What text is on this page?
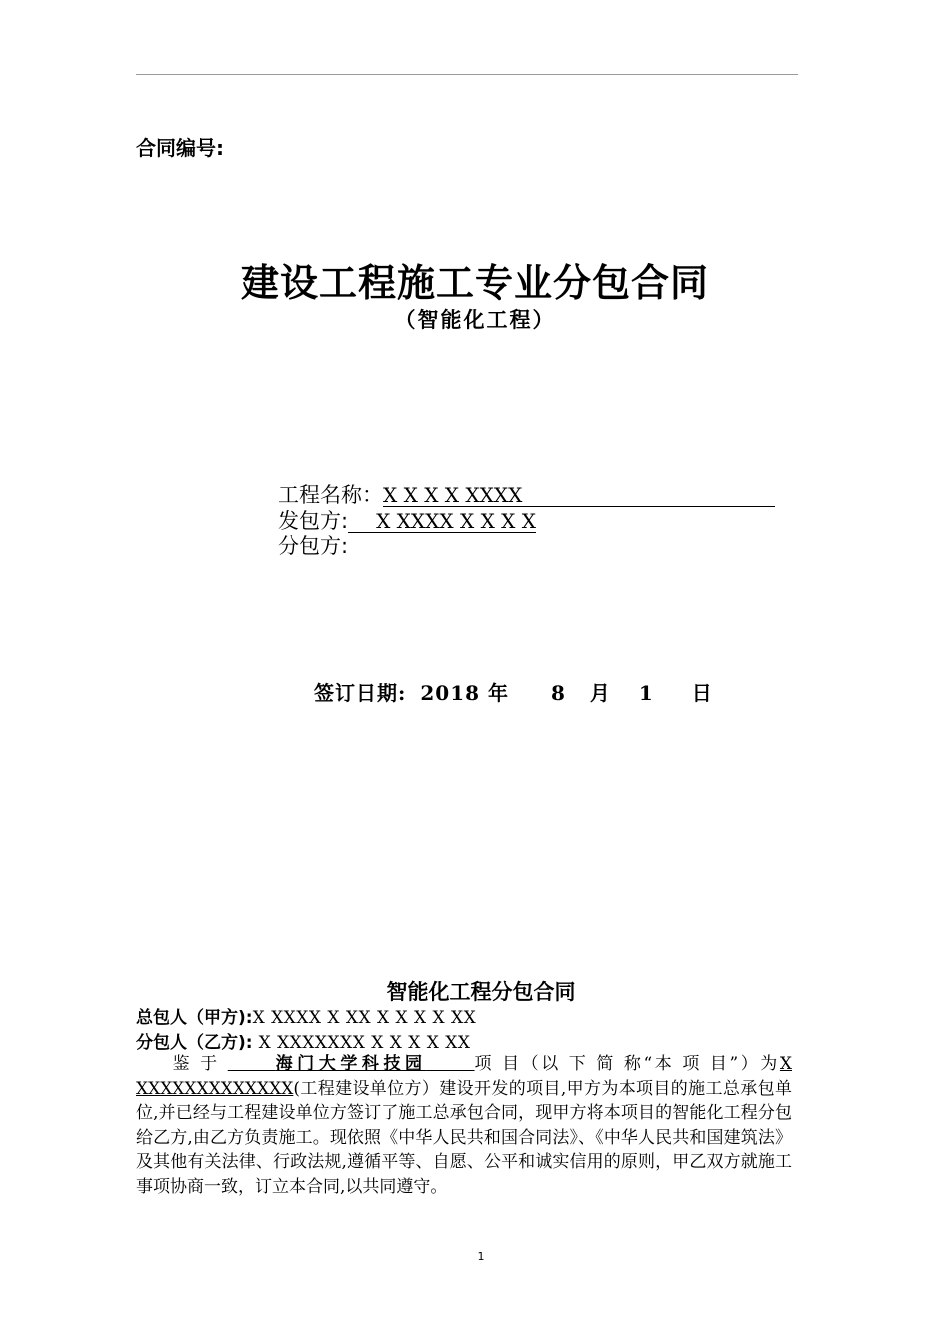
合同编号:
建设工程施工专业分包合同
（智能化工程）
工程名称：X X X X XXXX
发包方: X XXXX X X X X
分包方:
签订日期: 2018 年 8 月 1 日
智能化工程分包合同
总包人（甲方):X XXXX X XX X X X X XX
分包人（乙方): X XXXXXXX X X X X XX
鉴 于	海门大学科技园	项 目（以 下 简 称“本 项 目”）为X XXXXXXXXXXXXX(工程建设单位方）建设开发的项目,甲方为本项目的施工总承包单位,并已经与工程建设单位方签订了施工总承包合同，现甲方将本项目的智能化工程分包给乙方,由乙方负责施工。现依照《中华人民共和国合同法》、《中华人民共和国建筑法》及其他有关法律、行政法规,遵循平等、自愿、公平和诚实信用的原则，甲乙双方就施工事项协商一致，订立本合同,以共同遵守。
1
